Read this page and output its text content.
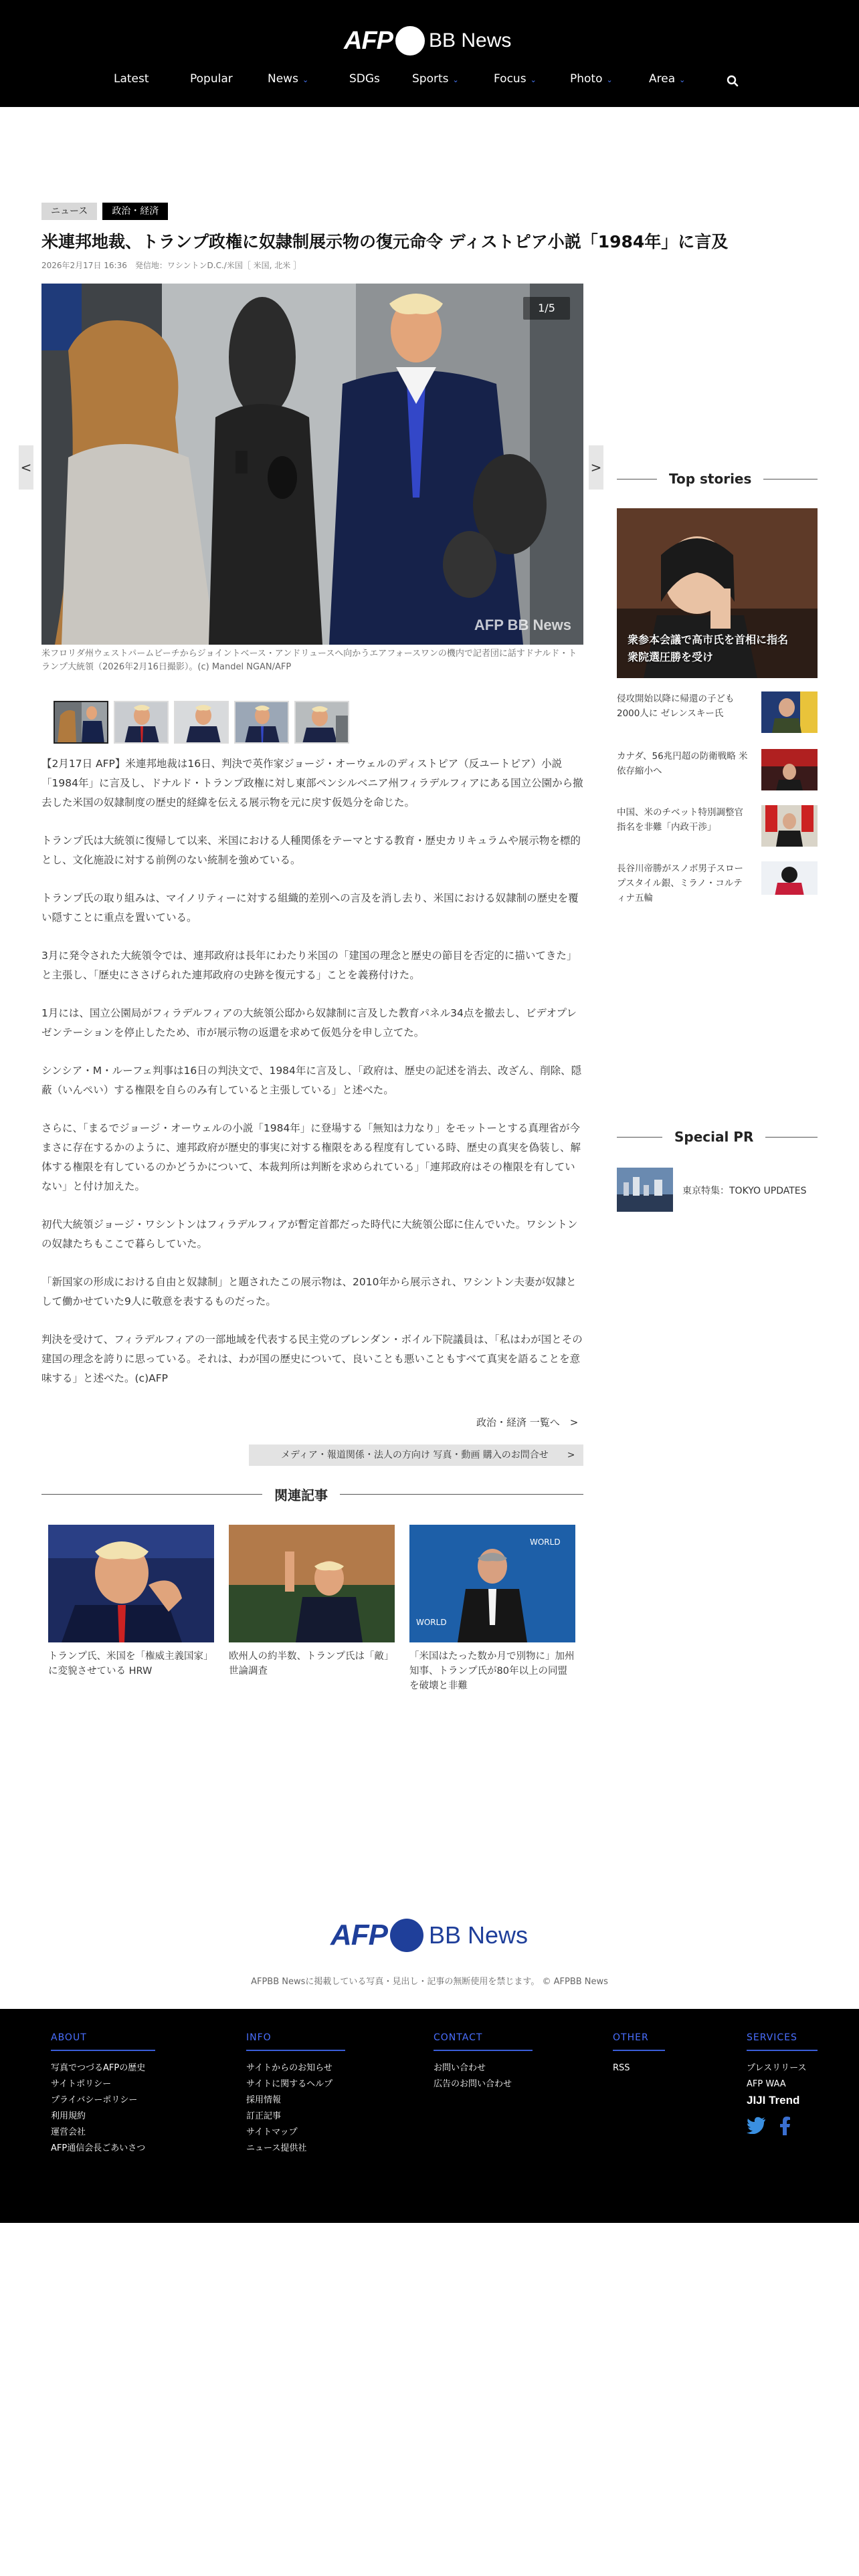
AFP BB News
Latest	Popular	News ⌄	SDGs	Sports ⌄	Focus ⌄	Photo ⌄	Area ⌄
ニュース	政治・経済
米連邦地裁、トランプ政権に奴隷制展示物の復元命令 ディストピア小説「1984年」に言及
2026年2月17日 16:36　発信地：ワシントンD.C./米国［ 米国, 北米 ］
1/5
AFP BB News
<	>
米フロリダ州ウェストパームビーチからジョイントベース・アンドリュースへ向かうエアフォースワンの機内で記者団に話すドナルド・トランプ大統領（2026年2月16日撮影）。(c) Mandel NGAN/AFP

【2月17日 AFP】米連邦地裁は16日、判決で英作家ジョージ・オーウェルのディストピア（反ユートピア）小説「1984年」に言及し、ドナルド・トランプ政権に対し東部ペンシルベニア州フィラデルフィアにある国立公園から撤去した米国の奴隷制度の歴史的経緯を伝える展示物を元に戻す仮処分を命じた。

トランプ氏は大統領に復帰して以来、米国における人種関係をテーマとする教育・歴史カリキュラムや展示物を標的とし、文化施設に対する前例のない統制を強めている。

トランプ氏の取り組みは、マイノリティーに対する組織的差別への言及を消し去り、米国における奴隷制の歴史を覆い隠すことに重点を置いている。

3月に発令された大統領令では、連邦政府は長年にわたり米国の「建国の理念と歴史の節目を否定的に描いてきた」と主張し、「歴史にささげられた連邦政府の史跡を復元する」ことを義務付けた。

1月には、国立公園局がフィラデルフィアの大統領公邸から奴隷制に言及した教育パネル34点を撤去し、ビデオプレゼンテーションを停止したため、市が展示物の返還を求めて仮処分を申し立てた。

シンシア・M・ルーフェ判事は16日の判決文で、1984年に言及し、「政府は、歴史の記述を消去、改ざん、削除、隠蔽（いんぺい）する権限を自らのみ有していると主張している」と述べた。

さらに、「まるでジョージ・オーウェルの小説「1984年」に登場する「無知は力なり」をモットーとする真理省が今まさに存在するかのように、連邦政府が歴史的事実に対する権限をある程度有している時、歴史の真実を偽装し、解体する権限を有しているのかどうかについて、本裁判所は判断を求められている」「連邦政府はその権限を有していない」と付け加えた。

初代大統領ジョージ・ワシントンはフィラデルフィアが暫定首都だった時代に大統領公邸に住んでいた。ワシントンの奴隷たちもここで暮らしていた。

「新国家の形成における自由と奴隷制」と題されたこの展示物は、2010年から展示され、ワシントン夫妻が奴隷として働かせていた9人に敬意を表するものだった。

判決を受けて、フィラデルフィアの一部地域を代表する民主党のブレンダン・ボイル下院議員は、「私はわが国とその建国の理念を誇りに思っている。それは、わが国の歴史について、良いことも悪いこともすべて真実を語ることを意味する」と述べた。(c)AFP

政治・経済 一覧へ　>
メディア・報道関係・法人の方向け 写真・動画 購入のお問合せ　　>
関連記事
トランプ氏、米国を「権威主義国家」に変貌させている HRW
欧州人の約半数、トランプ氏は「敵」世論調査
WORLD
WORLD
「米国はたった数か月で別物に」加州知事、トランプ氏が80年以上の同盟を破壊と非難
Top stories
衆参本会議で高市氏を首相に指名　衆院選圧勝を受け
侵攻開始以降に帰還の子ども2000人に ゼレンスキー氏
カナダ、56兆円超の防衛戦略 米依存縮小へ
中国、米のチベット特別調整官指名を非難「内政干渉」
長谷川帝勝がスノボ男子スロープスタイル銀、ミラノ・コルティナ五輪
Special PR
東京特集：TOKYO UPDATES
AFP BB News
AFPBB Newsに掲載している写真・見出し・記事の無断使用を禁じます。 © AFPBB News
ABOUT
写真でつづるAFPの歴史
サイトポリシー
プライバシーポリシー
利用規約
運営会社
AFP通信会長ごあいさつ
INFO
サイトからのお知らせ
サイトに関するヘルプ
採用情報
訂正記事
サイトマップ
ニュース提供社
CONTACT
お問い合わせ
広告のお問い合わせ
OTHER
RSS
SERVICES
プレスリリース
AFP WAA
JIJI Trend
